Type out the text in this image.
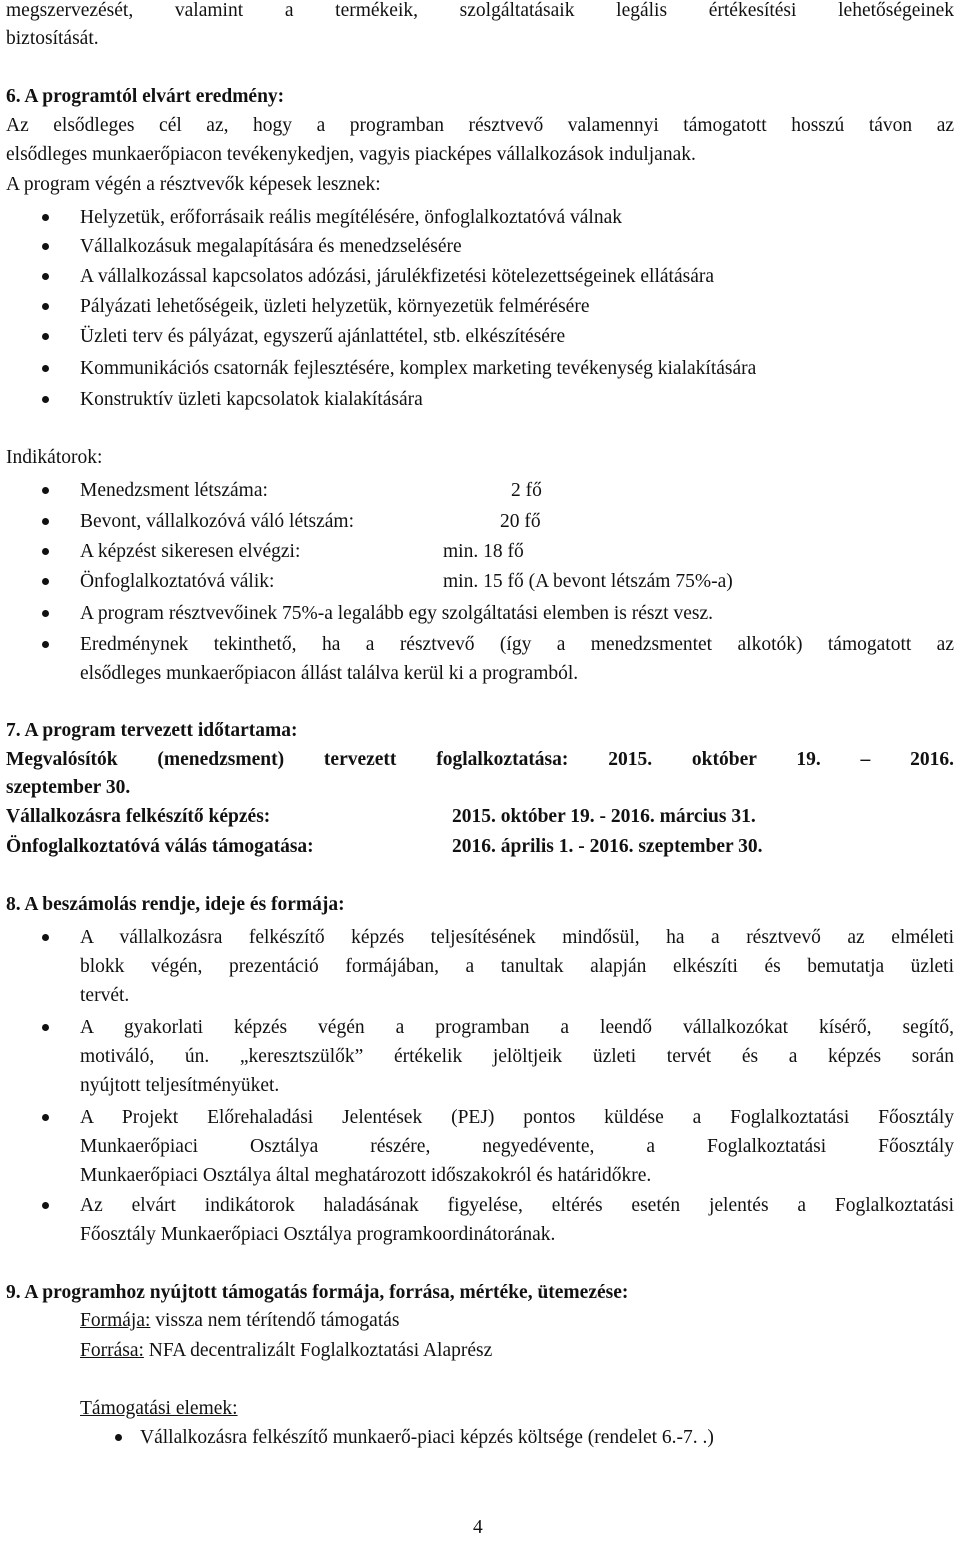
megszervezését, valamint a termékeik, szolgáltatásaik legális értékesítési lehetőségeinek
biztosítását.
6. A programtól elvárt eredmény:
Az elsődleges cél az, hogy a programban résztvevő valamennyi támogatott hosszú távon az
elsődleges munkaerőpiacon tevékenykedjen, vagyis piacképes vállalkozások induljanak.
A program végén a résztvevők képesek lesznek:
Helyzetük, erőforrásaik reális megítélésére, önfoglalkoztatóvá válnak
Vállalkozásuk megalapítására és menedzselésére
A vállalkozással kapcsolatos adózási, járulékfizetési kötelezettségeinek ellátására
Pályázati lehetőségeik, üzleti helyzetük, környezetük felmérésére
Üzleti terv és pályázat, egyszerű ajánlattétel, stb. elkészítésére
Kommunikációs csatornák fejlesztésére, komplex marketing tevékenység kialakítására
Konstruktív üzleti kapcsolatok kialakítására
Indikátorok:
Menedzsment létszáma:	2 fő
Bevont, vállalkozóvá váló létszám:	20 fő
A képzést sikeresen elvégzi:	min. 18 fő
Önfoglalkoztatóvá válik:	min. 15 fő (A bevont létszám 75%-a)
A program résztvevőinek 75%-a legalább egy szolgáltatási elemben is részt vesz.
Eredménynek tekinthető, ha a résztvevő (így a menedzsmentet alkotók) támogatott az
elsődleges munkaerőpiacon állást találva kerül ki a programból.
7. A program tervezett időtartama:
Megvalósítók (menedzsment) tervezett foglalkoztatása: 2015. október 19. – 2016.
szeptember 30.
Vállalkozásra felkészítő képzés:	2015. október 19. - 2016. március 31.
Önfoglalkoztatóvá válás támogatása:	2016. április 1. - 2016. szeptember 30.
8. A beszámolás rendje, ideje és formája:
A vállalkozásra felkészítő képzés teljesítésének mindősül, ha a résztvevő az elméleti
blokk végén, prezentáció formájában, a tanultak alapján elkészíti és bemutatja üzleti
tervét.
A gyakorlati képzés végén a programban a leendő vállalkozókat kísérő, segítő,
motiváló, ún. „keresztszülők” értékelik jelöltjeik üzleti tervét és a képzés során
nyújtott teljesítményüket.
A Projekt Előrehaladási Jelentések (PEJ) pontos küldése a Foglalkoztatási Főosztály
Munkaerőpiaci Osztálya részére, negyedévente, a Foglalkoztatási Főosztály
Munkaerőpiaci Osztálya által meghatározott időszakokról és határidőkre.
Az elvárt indikátorok haladásának figyelése, eltérés esetén jelentés a Foglalkoztatási
Főosztály Munkaerőpiaci Osztálya programkoordinátorának.
9. A programhoz nyújtott támogatás formája, forrása, mértéke, ütemezése:
Formája: vissza nem térítendő támogatás
Forrása: NFA decentralizált Foglalkoztatási Alaprész
Támogatási elemek:
Vállalkozásra felkészítő munkaerő-piaci képzés költsége (rendelet 6.-7. .)
4
